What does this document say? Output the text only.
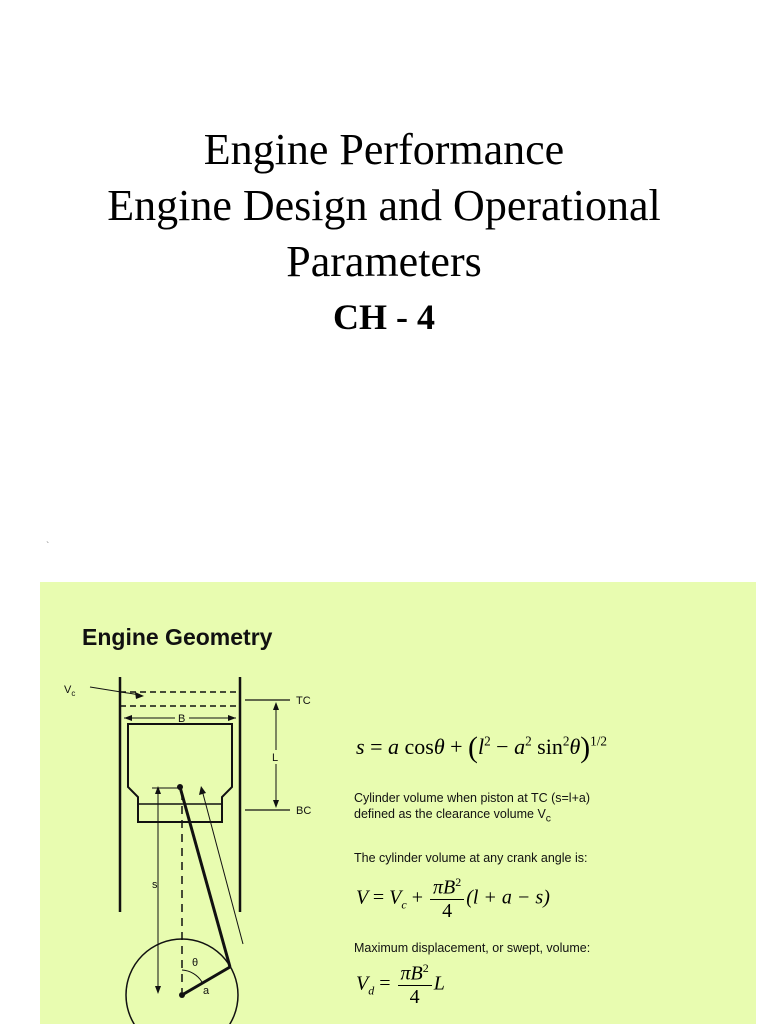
Engine Performance
Engine Design and Operational
Parameters
CH - 4
`
Engine Geometry
B
$V_c$
TC
BC
L
s
θ
a
s = a $\cos\theta + (l^2 - a^2$ $\sin^2\theta)^{1/2}$
Cylinder volume when piston at TC (s=l+a)
defined as the clearance volume $V_c$
The cylinder volume at any crank angle is:
$V = V_c + \frac{\pi B^2}{4} (l + a - s)$
Maximum displacement, or swept, volume:
$V_d = \frac{\pi B^2}{4}$ L
